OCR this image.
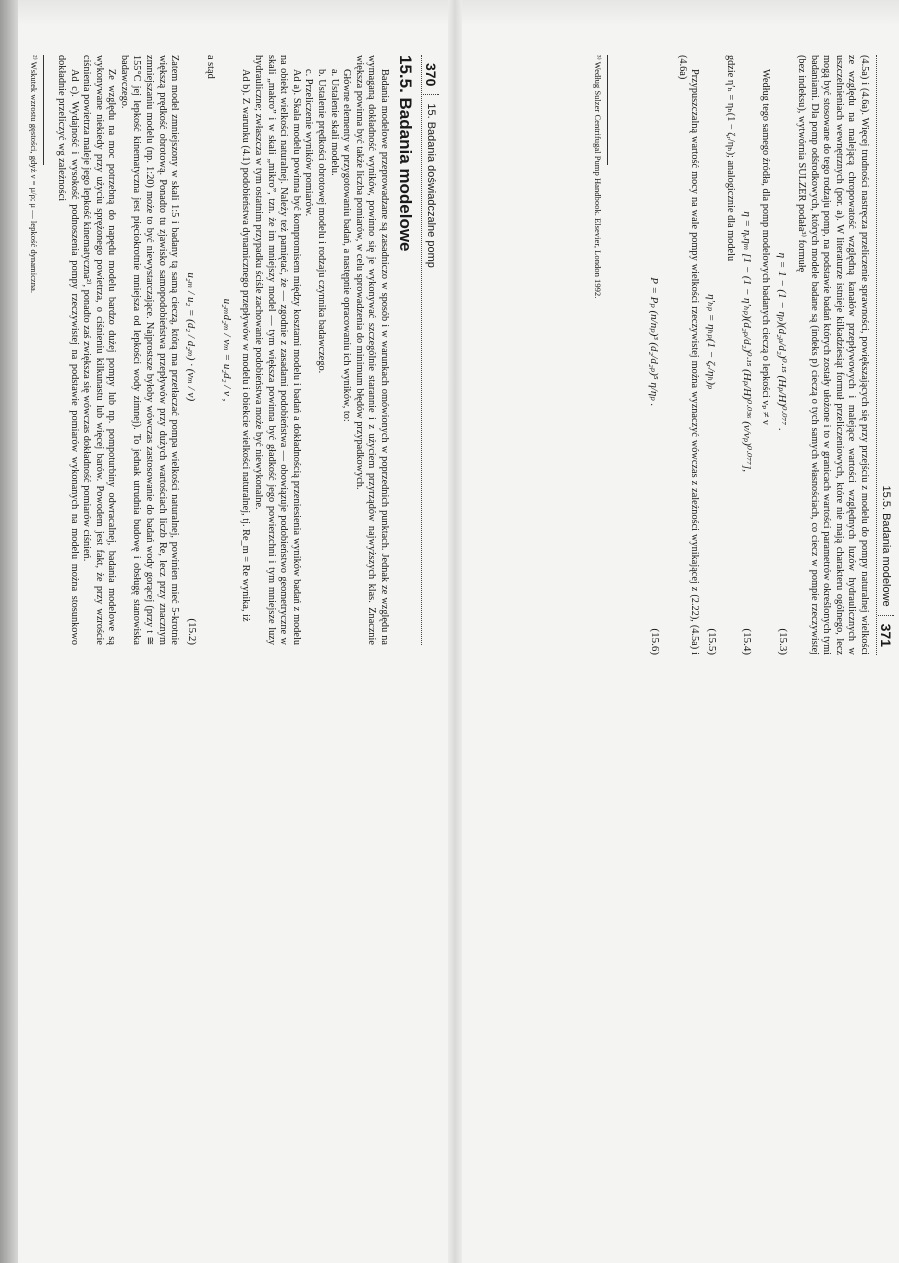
370
15. Badania doświadczalne pomp
15.5. Badania modelowe

Badania modelowe przeprowadzane są zasadniczo w sposób i w warunkach omówionych w poprzednich punktach. Jednak ze względu na wymaganą dokładność wyników, powinno się je wykonywać szczególnie starannie i z użyciem przyrządów najwyższych klas. Znacznie większa powinna być także liczba pomiarów, w celu sprowadzenia do minimum błędów przypadkowych.

Główne elementy w przygotowaniu badań, a następnie opracowaniu ich wyników, to:

a. Ustalenie skali modelu.
b. Ustalenie prędkości obrotowej modelu i rodzaju czynnika badawczego.
c. Przeliczenie wyników pomiarów.

Ad a). Skala modelu powinna być kompromisem między kosztami modelu i badań a dokładnością przeniesienia wyników badań z modelu na obiekt wielkości naturalnej. Należy też pamiętać, że — zgodnie z zasadami podobieństwa — obowiązuje podobieństwo geometryczne w skali „makro” i w skali „mikro”, tzn. że im mniejszy model — tym większa powinna być gładkość jego powierzchni i tym mniejsze luzy hydrauliczne; zwłaszcza w tym ostatnim przypadku ściśle zachowanie podobieństwa może być niewykonalne.

Ad b). Z warunku (4.1) podobieństwa dynamicznego przepływów w modelu i obiekcie wielkości naturalnej, tj. Re_m = Re wynika, iż

u₂ₘd₂ₘ / νₘ = u₂d₂ / ν ,

a stąd

u₂ₘ / u₂ = (d₂ / d₂ₘ) · (νₘ / ν)
(15.2)

Zatem model zmniejszony w skali 1:5 i badany tą samą cieczą, którą ma przetłaczać pompa wielkości naturalnej, powinien mieć 5-krotnie większą prędkość obrotową. Ponadto tu zjawisko samopodobieństwa przepływów przy dużych wartościach liczb Re, lecz przy znacznym zmniejszaniu modelu (np. 1:20) może to być niewystarczające. Najprostsze byłoby wówczas zastosowanie do badań wody gorącej (przy t ≅ 155°C jej lepkość kinematyczna jest pięciokrotnie mniejsza od lepkości wody zimnej). To jednak utrudnia budowę i obsługę stanowiska badawczego.

Ze względu na moc potrzebną do napędu modelu bardzo dużej pompy lub np. pompoturbiny odwracalnej, badania modelowe są wykonywane niekiedy przy użyciu sprężonego powietrza, o ciśnieniu kilkunastu lub więcej barów. Powodem jest fakt, że przy wzroście ciśnienia powietrza maleje jego lepkość kinematyczna²⁾, ponadto zaś zwiększa się wówczas dokładność pomiarów ciśnień.

Ad c). Wydajność i wysokość podnoszenia pompy rzeczywistej na podstawie pomiarów wykonanych na modelu można stosunkowo dokładnie przeliczyć wg zależności

²⁾ Wskutek wzrostu gęstości, gdyż ν = μ/ρ; μ — lepkość dynamiczna.
15.5. Badania modelowe
371

(4.5a) i (4.6a). Więcej trudności nastręcza przeliczenie sprawności, powiększających się przy przejściu z modelu do pompy naturalnej wielkości ze względu na malejącą chropowatość względną kanałów przepływowych i malejące wartości względnych luzów hydraulicznych w uszczelnieniach wewnętrznych (por. a). W literaturze istnieje kilkadziesiąt formuł przeliczeniowych, które nie mają charakteru ogólnego, lecz mogą być stosowane do tego rodzaju pomp, na podstawie badań których zostały ułożone i to w granicach wartości parametrów określonych tymi badaniami. Dla pomp odśrodkowych, których modele badane są (indeks p) cieczą o tych samych własnościach, co ciecz w pompie rzeczywistej (bez indeksu), wytwórnia SULZER podała³⁾ formułę

η = 1 − (1 − ηₚ)(d₂ₚ/d₂)⁰·¹⁵ (Hₚ/H)⁰·⁰⁷⁷ .
(15.3)

Według tego samego źródła, dla pomp modelowych badanych cieczą o lepkości νₚ ≠ ν

η = ηᵥηₘ [1 − (1 − η′ₕₚ)(d₂ₚ/d₂)⁰·¹⁵ (Hₚ/H)⁰·⁰³⁶ (ν/νₚ)⁰·⁰⁷⁷],
(15.4)

gdzie η′ₕ = ηₕ(1 − ζᵣ/ηₕ); analogicznie dla modelu

η′ₕₚ = ηₕₚ(1 − ζᵣ/ηₕ)ₚ
(15.5)

Przypuszczalną wartość mocy na wale pompy wielkości rzeczywistej można wyznaczyć wówczas z zależności wynikającej z (2.22), (4.5a) i (4.6a)

P = Pₚ (n/nₚ)³ (d₂/d₂ₚ)⁵ η/ηₚ .
(15.6)
³⁾ Według Sulzer Centrifugal Pump Handbook. Elsevier, London 1992.
